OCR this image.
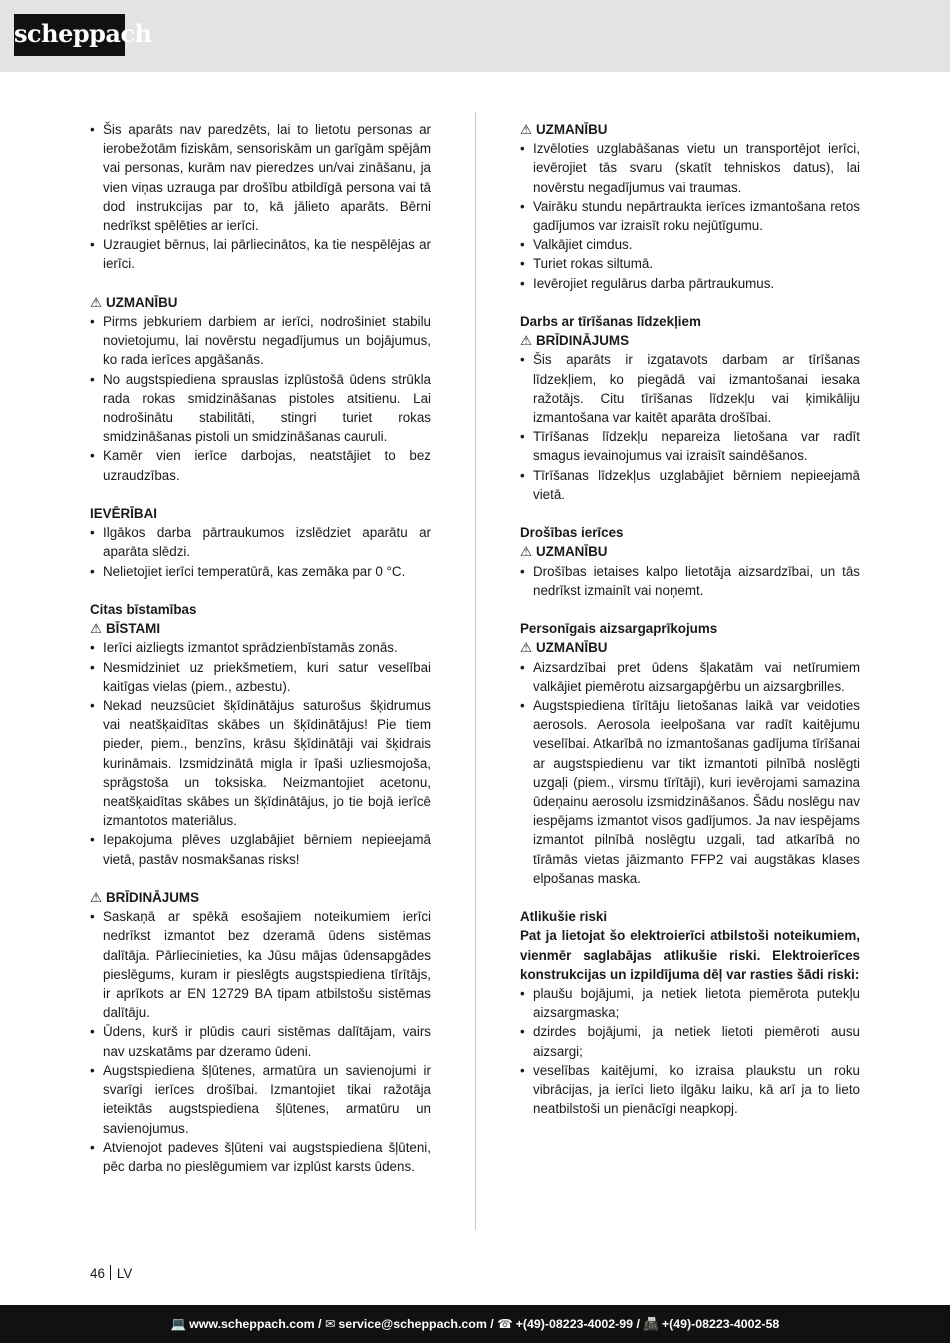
scheppach
• Šis aparāts nav paredzēts, lai to lietotu personas ar ierobežotām fiziskām, sensoriskām un garīgām spējām vai personas, kurām nav pieredzes un/vai zināšanu, ja vien viņas uzrauga par drošību atbildīgā persona vai tā dod instrukcijas par to, kā jālieto aparāts. Bērni nedrīkst spēlēties ar ierīci.
• Uzraugiet bērnus, lai pārliecinātos, ka tie nespēlējas ar ierīci.
⚠ UZMANĪBU
• Pirms jebkuriem darbiem ar ierīci, nodrošiniet stabilu novietojumu, lai novērstu negadījumus un bojājumus, ko rada ierīces apgāšanās.
• No augstspiediena sprauslas izplūstošā ūdens strūkla rada rokas smidzināšanas pistoles atsitienu. Lai nodrošinātu stabilitāti, stingri turiet rokas smidzināšanas pistoli un smidzināšanas cauruli.
• Kamēr vien ierīce darbojas, neatstājiet to bez uzraudzības.
IEVĒRĪBAI
• Ilgākos darba pārtraukumos izslēdziet aparātu ar aparāta slēdzi.
• Nelietojiet ierīci temperatūrā, kas zemāka par 0 °C.
Citas bīstamības
⚠ BĪSTAMI
• Ierīci aizliegts izmantot sprādzienbīstamās zonās.
• Nesmidziniet uz priekšmetiem, kuri satur veselībai kaitīgas vielas (piem., azbestu).
• Nekad neuzsūciet šķīdinātājus saturošus šķidrumus vai neatšķaidītas skābes un šķīdinātājus! Pie tiem pieder, piem., benzīns, krāsu šķīdinātāji vai šķidrais kurināmais. Izsmidzinātā migla ir īpaši uzliesmojoša, sprāgstoša un toksiska. Neizmantojiet acetonu, neatšķaidītas skābes un šķīdinātājus, jo tie bojā ierīcē izmantotos materiālus.
• Iepakojuma plēves uzglabājiet bērniem nepieejamā vietā, pastāv nosmakšanas risks!
⚠ BRĪDINĀJUMS
• Saskaņā ar spēkā esošajiem noteikumiem ierīci nedrīkst izmantot bez dzeramā ūdens sistēmas dalītāja. Pārliecinieties, ka Jūsu mājas ūdensapgādes pieslēgums, kuram ir pieslēgts augstspiediena tīrītājs, ir aprīkots ar EN 12729 BA tipam atbilstošu sistēmas dalītāju.
• Ūdens, kurš ir plūdis cauri sistēmas dalītājam, vairs nav uzskatāms par dzeramo ūdeni.
• Augstspiediena šļūtenes, armatūra un savienojumi ir svarīgi ierīces drošībai. Izmantojiet tikai ražotāja ieteiktās augstspiediena šļūtenes, armatūru un savienojumus.
• Atvienojot padeves šļūteni vai augstspiediena šļūteni, pēc darba no pieslēgumiem var izplūst karsts ūdens.
⚠ UZMANĪBU
• Izvēloties uzglabāšanas vietu un transportējot ierīci, ievērojiet tās svaru (skatīt tehniskos datus), lai novērstu negadījumus vai traumas.
• Vairāku stundu nepārtraukta ierīces izmantošana retos gadījumos var izraisīt roku nejūtīgumu.
• Valkājiet cimdus.
• Turiet rokas siltumā.
• Ievērojiet regulārus darba pārtraukumus.
Darbs ar tīrīšanas līdzekļiem
⚠ BRĪDINĀJUMS
• Šis aparāts ir izgatavots darbam ar tīrīšanas līdzekļiem, ko piegādā vai izmantošanai iesaka ražotājs. Citu tīrīšanas līdzekļu vai ķimikāliju izmantošana var kaitēt aparāta drošībai.
• Tīrīšanas līdzekļu nepareiza lietošana var radīt smagus ievainojumus vai izraisīt saindēšanos.
• Tīrīšanas līdzekļus uzglabājiet bērniem nepieejamā vietā.
Drošības ierīces
⚠ UZMANĪBU
• Drošības ietaises kalpo lietotāja aizsardzībai, un tās nedrīkst izmainīt vai noņemt.
Personīgais aizsargaprīkojums
⚠ UZMANĪBU
• Aizsardzībai pret ūdens šļakatām vai netīrumiem valkājiet piemērotu aizsargapģērbu un aizsargbrilles.
• Augstspiediena tīrītāju lietošanas laikā var veidoties aerosols. Aerosola ieelpošana var radīt kaitējumu veselībai. Atkarībā no izmantošanas gadījuma tīrīšanai ar augstspiedienu var tikt izmantoti pilnībā noslēgti uzgaļi (piem., virsmu tīrītāji), kuri ievērojami samazina ūdeņainu aerosolu izsmidzināšanos. Šādu noslēgu nav iespējams izmantot visos gadījumos. Ja nav iespējams izmantot pilnībā noslēgtu uzgali, tad atkarībā no tīrāmās vietas jāizmanto FFP2 vai augstākas klases elpošanas maska.
Atlikušie riski

Pat ja lietojat šo elektroierīci atbilstoši noteikumiem, vienmēr saglabājas atlikušie riski. Elektroierīces konstrukcijas un izpildījuma dēļ var rasties šādi riski:

• plaušu bojājumi, ja netiek lietota piemērota putekļu aizsargmaska;
• dzirdes bojājumi, ja netiek lietoti piemēroti ausu aizsargi;
• veselības kaitējumi, ko izraisa plaukstu un roku vibrācijas, ja ierīci lieto ilgāku laiku, kā arī ja to lieto neatbilstoši un pienācīgi neapkopj.
46 LV
💻 www.scheppach.com / ✉ service@scheppach.com / ☎ +(49)-08223-4002-99 / 📠 +(49)-08223-4002-58
